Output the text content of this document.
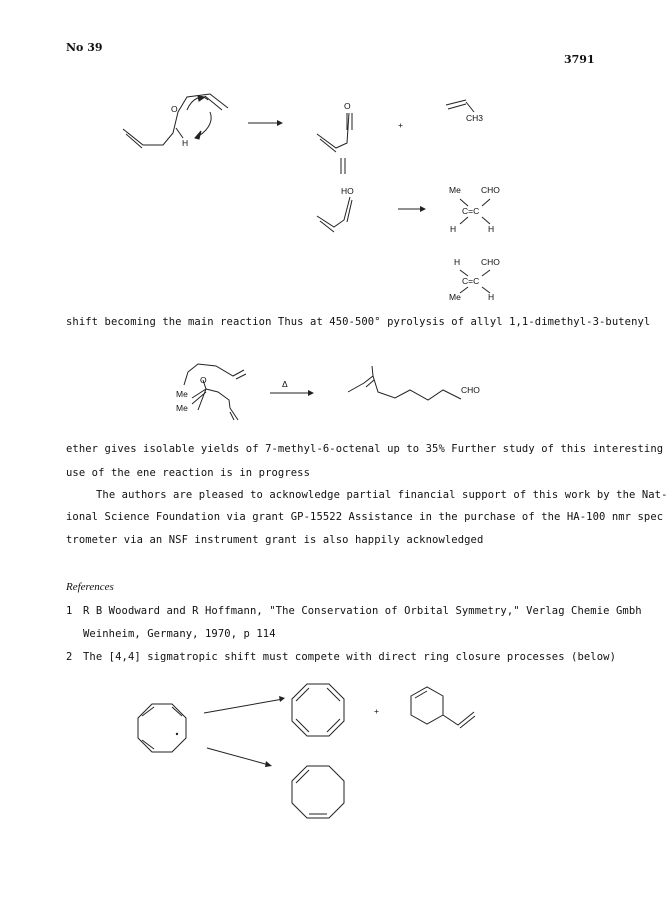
No 39
3791
O
H
O
+
CH3
HO	Me CHO
C=C
H	H
H CHO
C=C
Me	H
shift becoming the main reaction Thus at 450-500° pyrolysis of allyl 1,1-dimethyl-3-butenyl
O
Me
Me
Δ
CHO
ether gives isolable yields of 7-methyl-6-octenal up to 35% Further study of this interesting
use of the ene reaction is in progress
The authors are pleased to acknowledge partial financial support of this work by the Nat-
ional Science Foundation via grant GP-15522 Assistance in the purchase of the HA-100 nmr spec
trometer via an NSF instrument grant is also happily acknowledged
References
1 R B Woodward and R Hoffmann, "The Conservation of Orbital Symmetry," Verlag Chemie Gmbh
Weinheim, Germany, 1970, p 114
2 The [4,4] sigmatropic shift must compete with direct ring closure processes (below)
+
